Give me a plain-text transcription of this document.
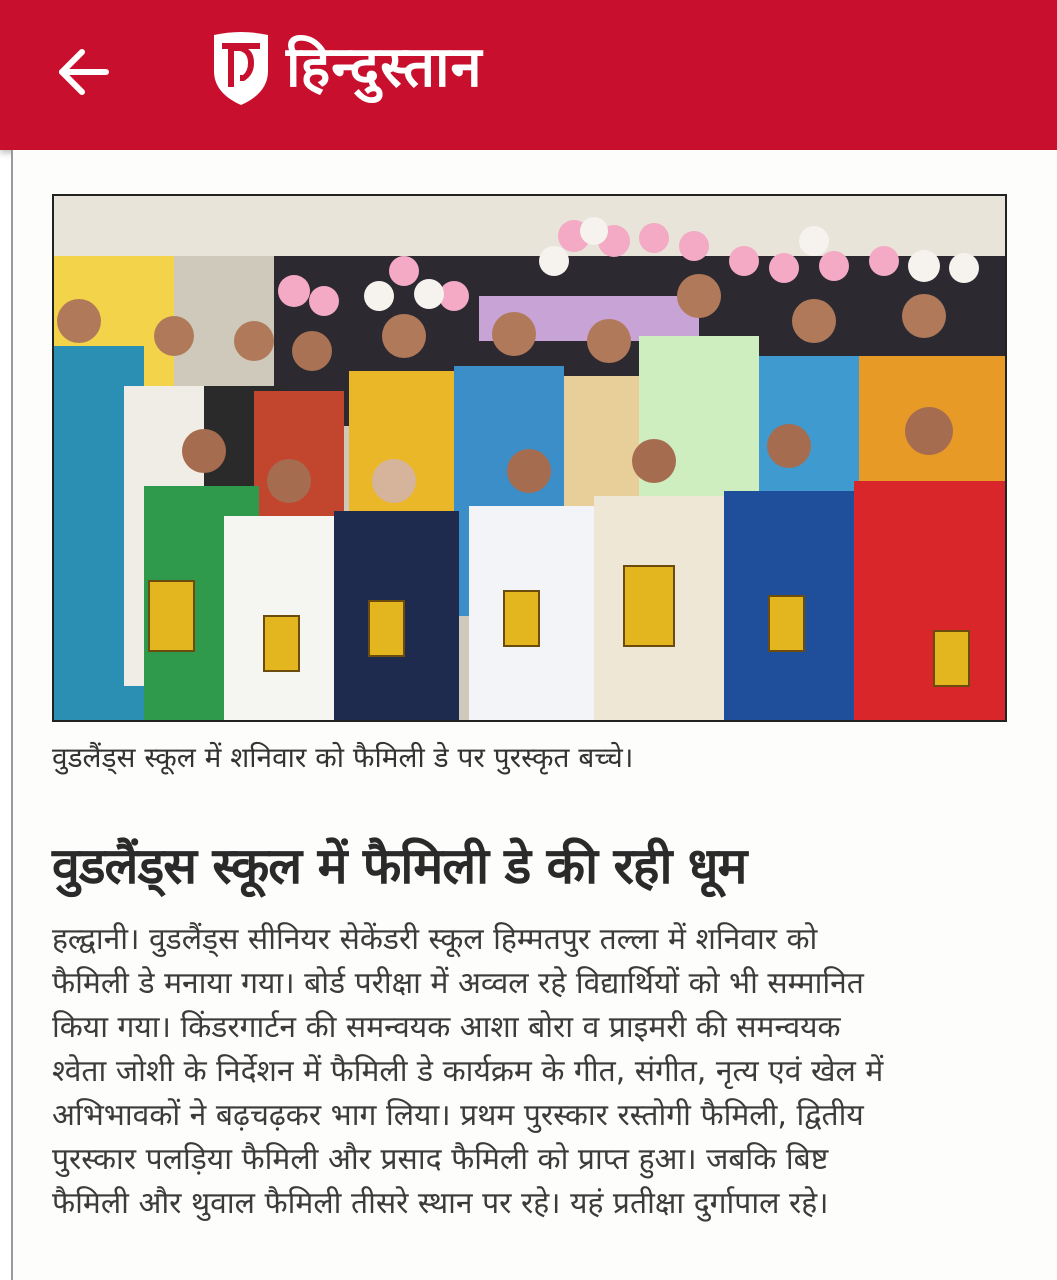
हिन्दुस्तान
वुडलैंड्स स्कूल में शनिवार को फैमिली डे पर पुरस्कृत बच्चे।
वुडलैंड्स स्कूल में फैमिली डे की रही धूम
हल्द्वानी। वुडलैंड्स सीनियर सेकेंडरी स्कूल हिम्मतपुर तल्ला में शनिवार को
फैमिली डे मनाया गया। बोर्ड परीक्षा में अव्वल रहे विद्यार्थियों को भी सम्मानित
किया गया। किंडरगार्टन की समन्वयक आशा बोरा व प्राइमरी की समन्वयक
श्वेता जोशी के निर्देशन में फैमिली डे कार्यक्रम के गीत, संगीत, नृत्य एवं खेल में
अभिभावकों ने बढ़चढ़कर भाग लिया। प्रथम पुरस्कार रस्तोगी फैमिली, द्वितीय
पुरस्कार पलड़िया फैमिली और प्रसाद फैमिली को प्राप्त हुआ। जबकि बिष्ट
फैमिली और थुवाल फैमिली तीसरे स्थान पर रहे। यहं प्रतीक्षा दुर्गापाल रहे।
